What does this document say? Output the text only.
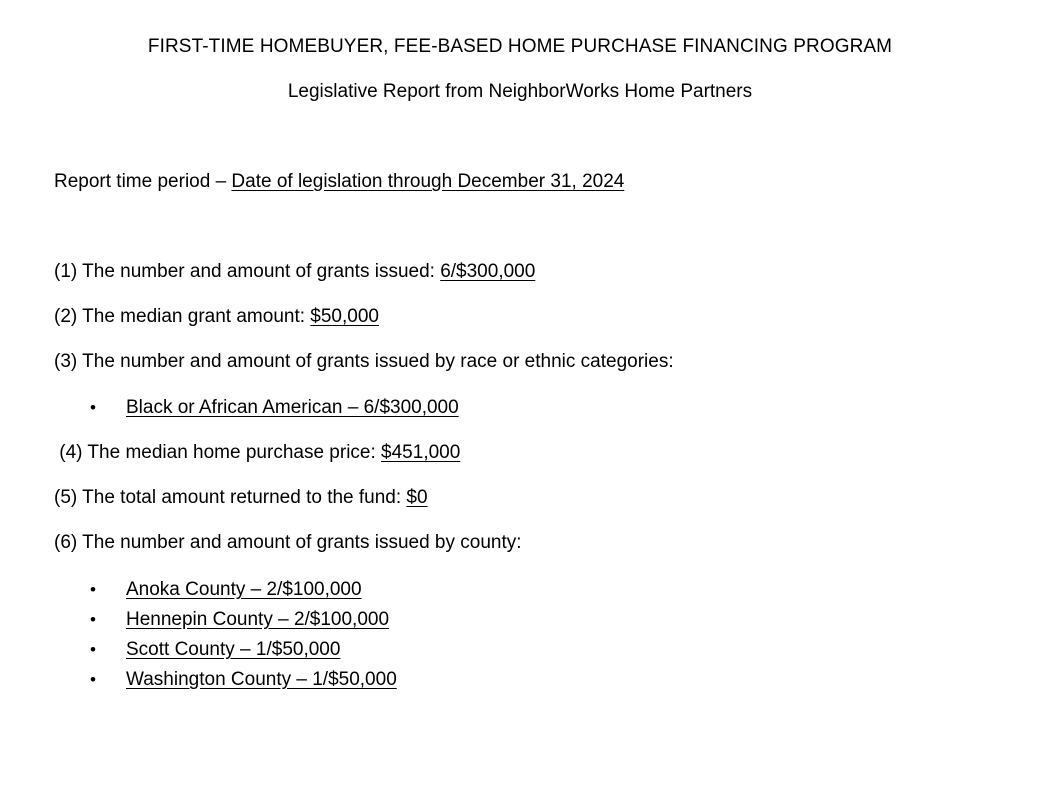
FIRST-TIME HOMEBUYER, FEE-BASED HOME PURCHASE FINANCING PROGRAM
Legislative Report from NeighborWorks Home Partners
Report time period – Date of legislation through December 31, 2024
(1) The number and amount of grants issued: 6/$300,000
(2) The median grant amount: $50,000
(3) The number and amount of grants issued by race or ethnic categories:
• Black or African American – 6/$300,000
(4) The median home purchase price: $451,000
(5) The total amount returned to the fund: $0
(6) The number and amount of grants issued by county:
• Anoka County – 2/$100,000
• Hennepin County – 2/$100,000
• Scott County – 1/$50,000
• Washington County – 1/$50,000
